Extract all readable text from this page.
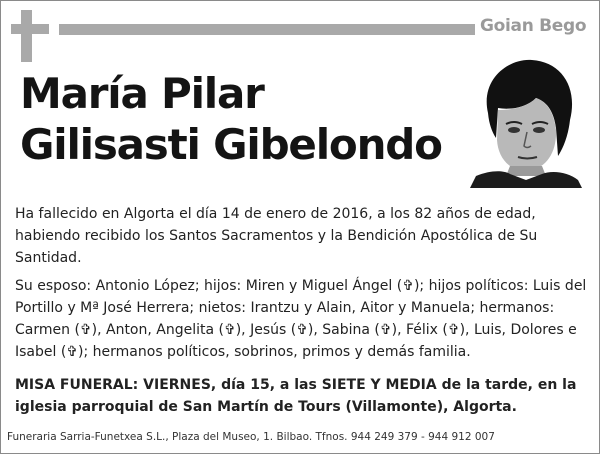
Goian Bego
María Pilar
Gilisasti Gibelondo
Ha fallecido en Algorta el día 14 de enero de 2016, a los 82 años de edad, habiendo recibido los Santos Sacramentos y la Bendición Apostólica de Su Santidad.
Su esposo: Antonio López; hijos: Miren y Miguel Ángel (✞); hijos políticos: Luis del Portillo y Mª José Herrera; nietos: Irantzu y Alain, Aitor y Manuela; hermanos: Carmen (✞), Anton, Angelita (✞), Jesús (✞), Sabina (✞), Félix (✞), Luis, Dolores e Isabel (✞); hermanos políticos, sobrinos, primos y demás familia.
MISA FUNERAL: VIERNES, día 15, a las SIETE Y MEDIA de la tarde, en la iglesia parroquial de San Martín de Tours (Villamonte), Algorta.
Funeraria Sarria-Funetxea S.L., Plaza del Museo, 1. Bilbao. Tfnos. 944 249 379 - 944 912 007
